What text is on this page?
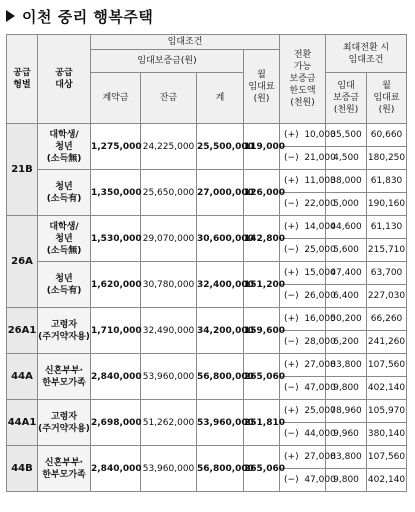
이천 중리 행복주택
공급
형별	공급
대상	임대조건				전환
가능
보증금
한도액
(천원)	최대전환 시
임대조건	
		임대보증금(원)			월
임대료
(원)			
		계약금	잔금	계			임대
보증금
(천원)	월
임대료
(원)
21B	대학생/
청년
(소득無)	1,275,000	24,225,000	25,500,000	119,000	(+)  10,000	35,500	60,660
						(−)  21,000	4,500	180,250
	청년
(소득有)	1,350,000	25,650,000	27,000,000	126,000	(+)  11,000	38,000	61,830
						(−)  22,000	5,000	190,160
26A	대학생/
청년
(소득無)	1,530,000	29,070,000	30,600,000	142,800	(+)  14,000	44,600	61,130
						(−)  25,000	5,600	215,710
	청년
(소득有)	1,620,000	30,780,000	32,400,000	151,200	(+)  15,000	47,400	63,700
						(−)  26,000	6,400	227,030
26A1	고령자
(주거약자용)	1,710,000	32,490,000	34,200,000	159,600	(+)  16,000	50,200	66,260
						(−)  28,000	6,200	241,260
44A	신혼부부·
한부모가족	2,840,000	53,960,000	56,800,000	265,060	(+)  27,000	83,800	107,560
						(−)  47,000	9,800	402,140
44A1	고령자
(주거약자용)	2,698,000	51,262,000	53,960,000	251,810	(+)  25,000	78,960	105,970
						(−)  44,000	9,960	380,140
44B	신혼부부·
한부모가족	2,840,000	53,960,000	56,800,000	265,060	(+)  27,000	83,800	107,560
						(−)  47,000	9,800	402,140
